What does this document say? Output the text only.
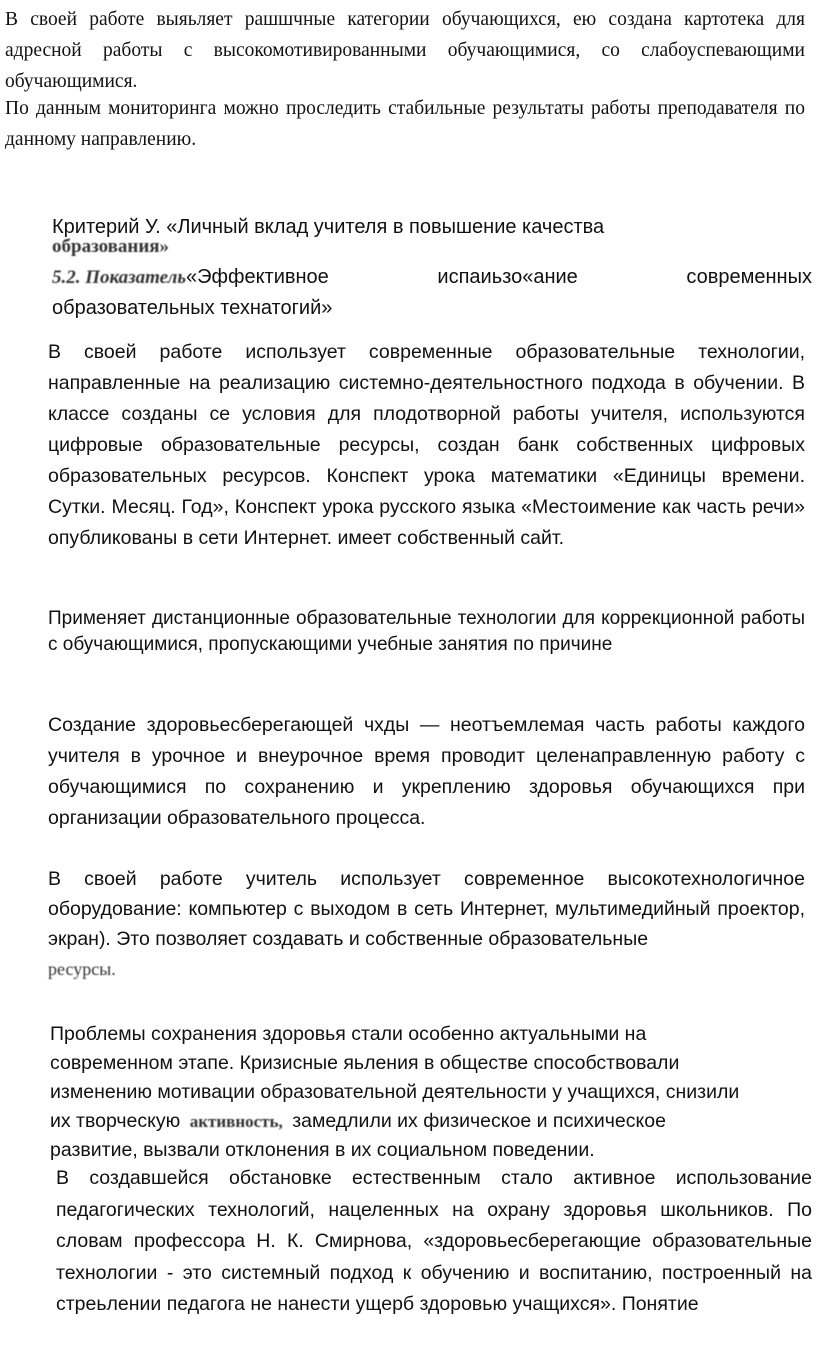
В своей работе выяьляет рашшчные категории обучающихся, ею создана картотека для адресной работы с высокомотивированными обучающимися, со слабоуспевающими обучающимися.

По данным мониторинга можно проследить стабильные результаты работы преподавателя по данному направлению.

Критерий У. «Личный вклад учителя в повышение качества
образования»
5.2. Показатель«Эффективное	испаиьзо«ание	современных
образовательных технатогий»

В своей работе использует современные образовательные технологии, направленные на реализацию системно-деятельностного подхода в обучении. В классе созданы се условия для плодотворной работы учителя, используются цифровые образовательные ресурсы, создан банк собственных цифровых образовательных ресурсов. Конспект урока математики «Единицы времени. Сутки. Месяц. Год», Конспект урока русского языка «Местоимение как часть речи» опубликованы в сети Интернет. имеет собственный сайт.

Применяет дистанционные образовательные технологии для коррекционной работы с обучающимися, пропускающими учебные занятия по причине

Создание здоровьесберегающей чхды — неотъемлемая часть работы каждого учителя в урочное и внеурочное время проводит целенаправленную работу с обучающимися по сохранению и укреплению здоровья обучающихся при организации образовательного процесса.

В своей работе учитель использует современное высокотехнологичное оборудование: компьютер с выходом в сеть Интернет, мультимедийный проектор, экран). Это позволяет создавать и собственные образовательные

ресурсы.
Проблемы сохранения здоровья стали особенно актуальными на
современном этапе. Кризисные яьления в обществе способствовали
изменению мотивации образовательной деятельности у учащихся, снизили
их творческую активность, замедлили их физическое и психическое
развитие, вызвали отклонения в их социальном поведении.

В создавшейся обстановке естественным стало активное использование педагогических технологий, нацеленных на охрану здоровья школьников. По словам профессора Н. К. Смирнова, «здоровьесберегающие образовательные технологии - это системный подход к обучению и воспитанию, построенный на стреьлении педагога не нанести ущерб здоровью учащихся». Понятие
